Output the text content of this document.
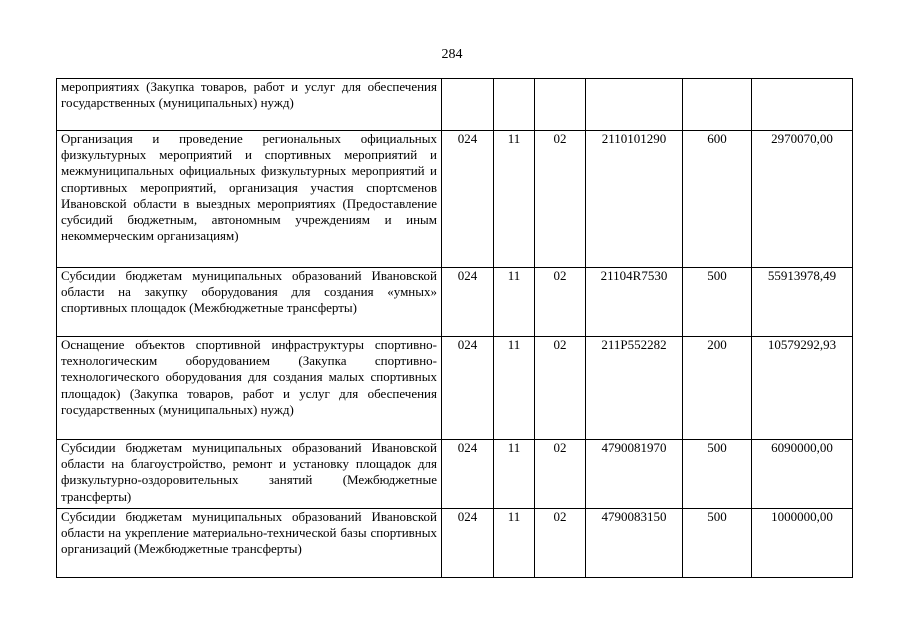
284
мероприятиях (Закупка товаров, работ и услуг для обеспечения государственных (муниципальных) нужд)						
Организация и проведение региональных официальных физкультурных мероприятий и спортивных мероприятий и межмуниципальных официальных физкультурных мероприятий и спортивных мероприятий, организация участия спортсменов Ивановской области в выездных мероприятиях (Предоставление субсидий бюджетным, автономным учреждениям и иным некоммерческим организациям)	024	11	02	2110101290	600	2970070,00
Субсидии бюджетам муниципальных образований Ивановской области на закупку оборудования для создания «умных» спортивных площадок (Межбюджетные трансферты)	024	11	02	21104R7530	500	55913978,49
Оснащение объектов спортивной инфраструктуры спортивно-технологическим оборудованием (Закупка спортивно-технологического оборудования для создания малых спортивных площадок) (Закупка товаров, работ и услуг для обеспечения государственных (муниципальных) нужд)	024	11	02	211P552282	200	10579292,93
Субсидии бюджетам муниципальных образований Ивановской области на благоустройство, ремонт и установку площадок для физкультурно-оздоровительных занятий (Межбюджетные трансферты)	024	11	02	4790081970	500	6090000,00
Субсидии бюджетам муниципальных образований Ивановской области на укрепление материально-технической базы спортивных организаций (Межбюджетные трансферты)	024	11	02	4790083150	500	1000000,00
